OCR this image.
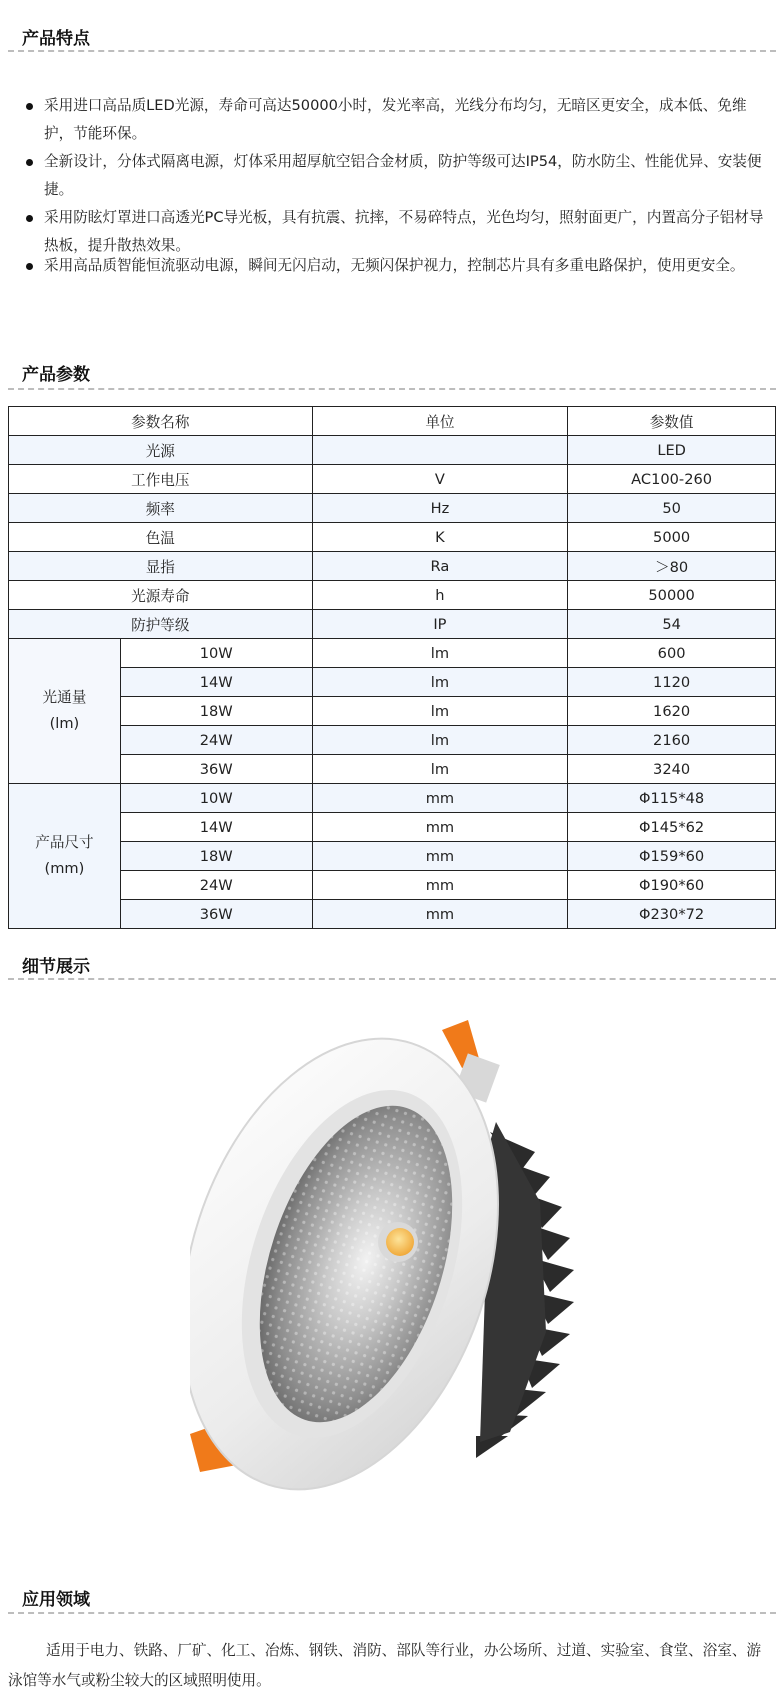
产品特点
采用进口高品质LED光源，寿命可高达50000小时，发光率高，光线分布均匀，无暗区更安全，成本低、免维护，节能环保。
全新设计，分体式隔离电源，灯体采用超厚航空铝合金材质，防护等级可达IP54，防水防尘、性能优异、安装便捷。
采用防眩灯罩进口高透光PC导光板，具有抗震、抗摔，不易碎特点，光色均匀，照射面更广，内置高分子铝材导热板，提升散热效果。
采用高品质智能恒流驱动电源，瞬间无闪启动，无频闪保护视力，控制芯片具有多重电路保护，使用更安全。
产品参数
参数名称		单位	参数值
光源			LED
工作电压		V	AC100-260
频率		Hz	50
色温		K	5000
显指		Ra	＞80
光源寿命		h	50000
防护等级		IP	54
光通量
(lm)	10W	lm	600
	14W	lm	1120
	18W	lm	1620
	24W	lm	2160
	36W	lm	3240
产品尺寸
(mm)	10W	mm	Φ115*48
	14W	mm	Φ145*62
	18W	mm	Φ159*60
	24W	mm	Φ190*60
	36W	mm	Φ230*72
细节展示
应用领域

适用于电力、铁路、厂矿、化工、冶炼、钢铁、消防、部队等行业，办公场所、过道、实验室、食堂、浴室、游泳馆等水气或粉尘较大的区域照明使用。
